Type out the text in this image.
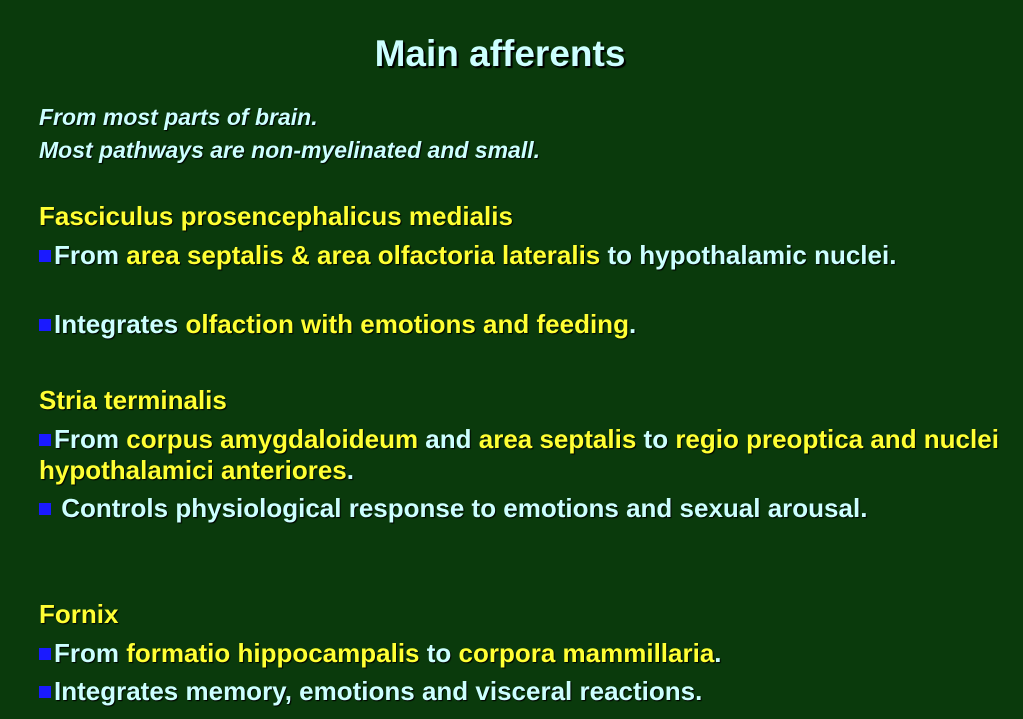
Main afferents
From most parts of brain.
Most pathways are non-myelinated and small.
Fasciculus prosencephalicus medialis
From area septalis & area olfactoria lateralis to hypothalamic nuclei.
Integrates olfaction with emotions and feeding.
Stria terminalis
From corpus amygdaloideum and area septalis to regio preoptica and nuclei hypothalamici anteriores.
Controls physiological response to emotions and sexual arousal.
Fornix
From formatio hippocampalis to corpora mammillaria.
Integrates memory, emotions and visceral reactions.
